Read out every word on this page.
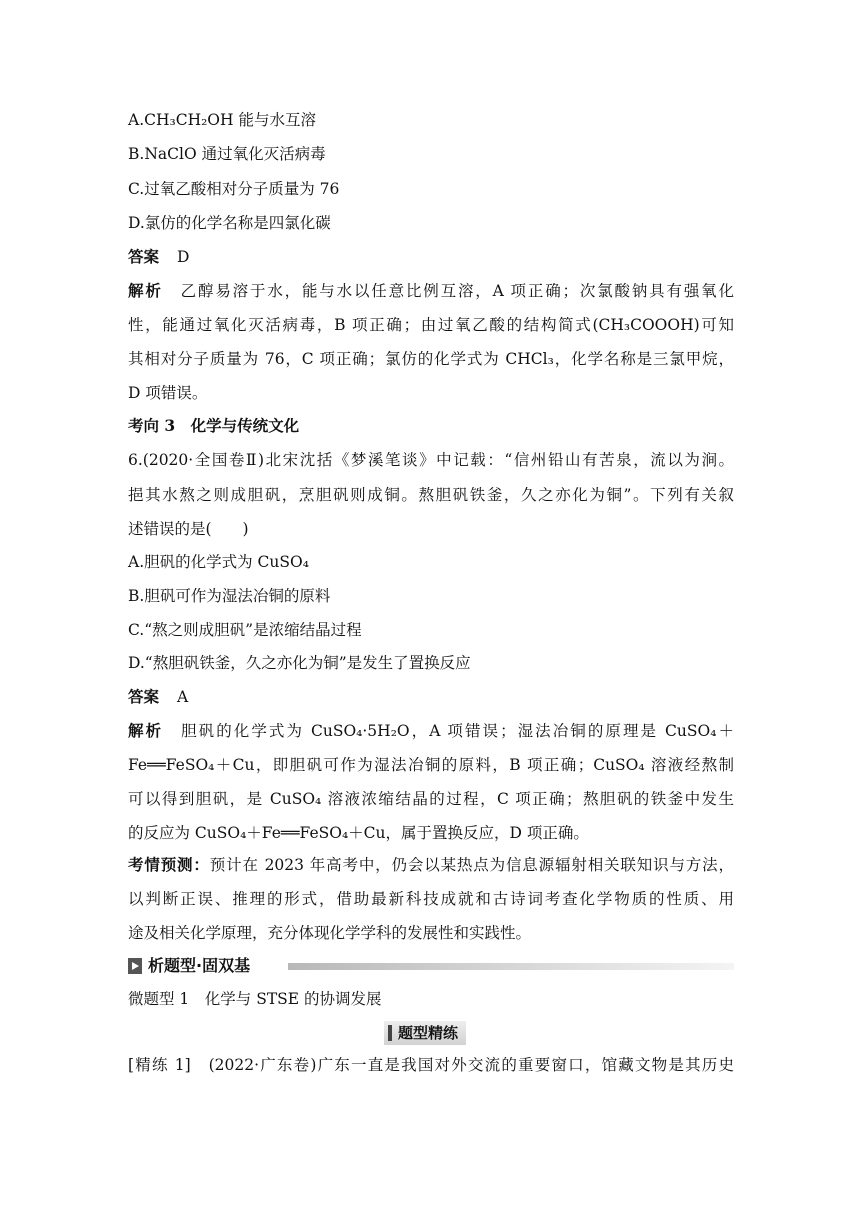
A.CH₃CH₂OH 能与水互溶
B.NaClO 通过氧化灭活病毒
C.过氧乙酸相对分子质量为 76
D.氯仿的化学名称是四氯化碳
答案 D
解析 乙醇易溶于水，能与水以任意比例互溶，A 项正确；次氯酸钠具有强氧化
性，能通过氧化灭活病毒，B 项正确；由过氧乙酸的结构简式(CH₃COOOH)可知
其相对分子质量为 76，C 项正确；氯仿的化学式为 CHCl₃，化学名称是三氯甲烷，
D 项错误。
考向 3　化学与传统文化
6.(2020·全国卷Ⅱ)北宋沈括《梦溪笔谈》中记载：“信州铅山有苦泉，流以为涧。
挹其水熬之则成胆矾，烹胆矾则成铜。熬胆矾铁釜，久之亦化为铜”。下列有关叙
述错误的是(　　)
A.胆矾的化学式为 CuSO₄
B.胆矾可作为湿法冶铜的原料
C.“熬之则成胆矾”是浓缩结晶过程
D.“熬胆矾铁釜，久之亦化为铜”是发生了置换反应
答案 A
解析 胆矾的化学式为 CuSO₄·5H₂O，A 项错误；湿法冶铜的原理是 CuSO₄＋
Fe══FeSO₄＋Cu，即胆矾可作为湿法冶铜的原料，B 项正确；CuSO₄ 溶液经熬制
可以得到胆矾，是 CuSO₄ 溶液浓缩结晶的过程，C 项正确；熬胆矾的铁釜中发生
的反应为 CuSO₄＋Fe══FeSO₄＋Cu，属于置换反应，D 项正确。
考情预测：预计在 2023 年高考中，仍会以某热点为信息源辐射相关联知识与方法，
以判断正误、推理的形式，借助最新科技成就和古诗词考查化学物质的性质、用
途及相关化学原理，充分体现化学学科的发展性和实践性。
析题型·固双基
微题型 1　化学与 STSE 的协调发展
题型精练
[精练 1]　(2022·广东卷)广东一直是我国对外交流的重要窗口，馆藏文物是其历史
